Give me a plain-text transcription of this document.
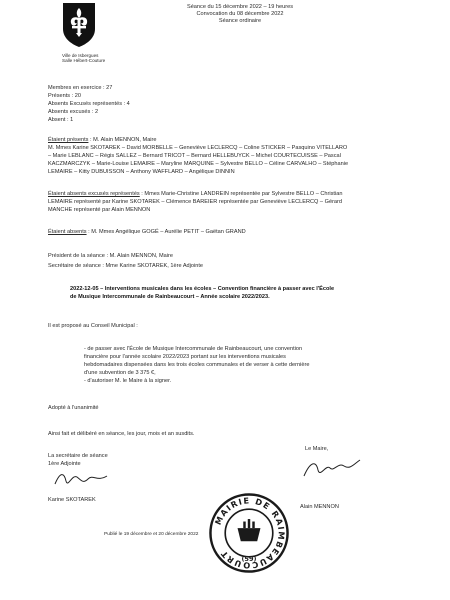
Ville de Isbergues
Salle Hébert-Couture
Séance du 15 décembre 2022 – 19 heures
Convocation du 08 décembre 2022
Séance ordinaire
Membres en exercice : 27
Présents : 20
Absents Excusés représentés : 4
Absents excusés : 2
Absent : 1
Étaient présents : M. Alain MENNON, Maire
M. Mmes Karine SKOTAREK – David MORBELLE – Geneviève LECLERCQ – Coline STICKER – Pasquino VITELLARO
– Marie LEBLANC – Régis SALLEZ – Bernard TRICOT – Bernard HELLEBUYCK – Michel COURTECUISSE – Pascal
KACZMARCZYK – Marie-Louise LEMAIRE – Maryline MARQUINE – Sylvestre BELLO – Céline CARVALHO – Stéphanie
LEMAIRE – Kitty DUBUISSON – Anthony WAFFLARD – Angélique DINNIN
Étaient absents excusés représentés : Mmes Marie-Christine LANDREIN représentée par Sylvestre BELLO – Christian
LEMAIRE représenté par Karine SKOTAREK – Clémence BAREIER représentée par Geneviève LECLERCQ – Gérard
MANCHE représenté par Alain MENNON
Étaient absents : M. Mmes Angélique GOGÉ – Aurélie PETIT – Gaëtan GRAND
Président de la séance : M. Alain MENNON, Maire
Secrétaire de séance : Mme Karine SKOTAREK, 1ère Adjointe
2022-12-05 – Interventions musicales dans les écoles – Convention financière à passer avec l'École
de Musique Intercommunale de Rainbeaucourt – Année scolaire 2022/2023.
Il est proposé au Conseil Municipal :
- de passer avec l'École de Musique Intercommunale de Rainbeaucourt, une convention
financière pour l'année scolaire 2022/2023 portant sur les interventions musicales
hebdomadaires dispensées dans les trois écoles communales et de verser à cette dernière
d'une subvention de 3 375 €,
- d'autoriser M. le Maire à la signer.
Adopté à l'unanimité
Ainsi fait et délibéré en séance, les jour, mois et an susdits.
La secrétaire de séance
1ère Adjointe
Karine SKOTAREK
Le Maire,
Alain MENNON
MAIRIE DE RAIMBEAUCOURT	(59)
Publié le 19 décembre et 20 décembre 2022
